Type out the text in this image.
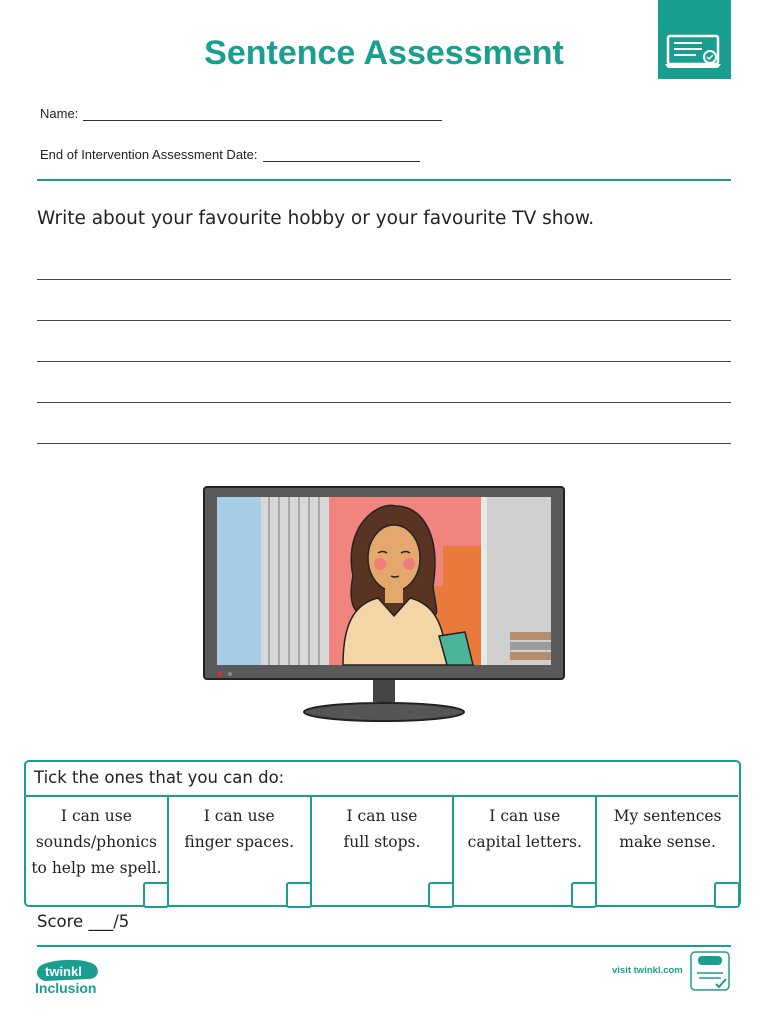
Sentence Assessment
Name:
End of Intervention Assessment Date:
Write about your favourite hobby or your favourite TV show.
Tick the ones that you can do:
I can use
sounds/phonics
to help me spell.
I can use
finger spaces.
I can use
full stops.
I can use
capital letters.
My sentences
make sense.
Score ___/5
twinkl
Inclusion
visit twinkl.com
